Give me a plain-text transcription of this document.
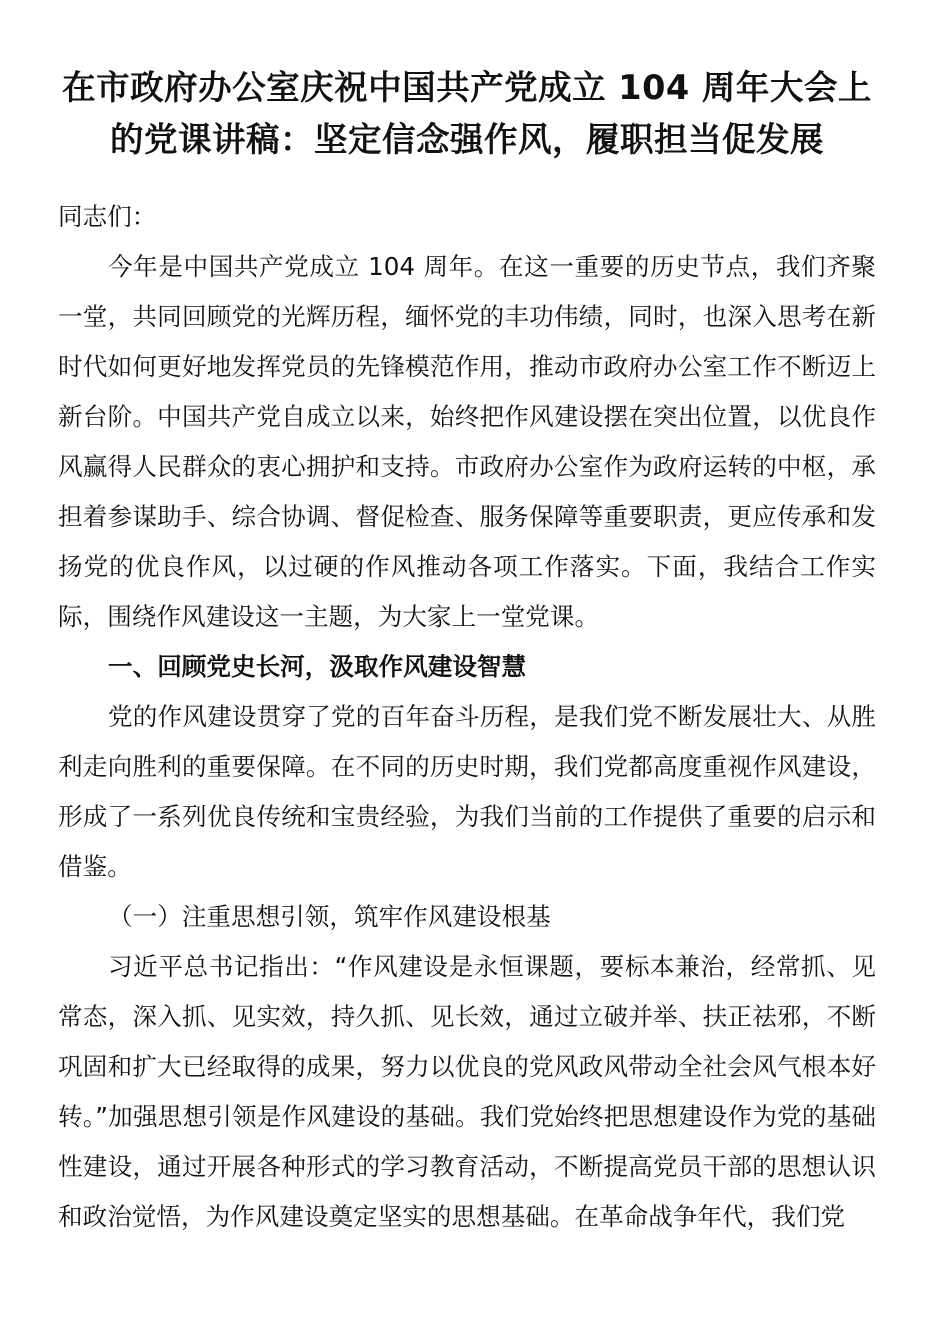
在市政府办公室庆祝中国共产党成立 104 周年大会上
的党课讲稿：坚定信念强作风，履职担当促发展

同志们：

今年是中国共产党成立 104 周年。在这一重要的历史节点，我们齐聚一堂，共同回顾党的光辉历程，缅怀党的丰功伟绩，同时，也深入思考在新时代如何更好地发挥党员的先锋模范作用，推动市政府办公室工作不断迈上新台阶。中国共产党自成立以来，始终把作风建设摆在突出位置，以优良作风赢得人民群众的衷心拥护和支持。市政府办公室作为政府运转的中枢，承担着参谋助手、综合协调、督促检查、服务保障等重要职责，更应传承和发扬党的优良作风，以过硬的作风推动各项工作落实。下面，我结合工作实际，围绕作风建设这一主题，为大家上一堂党课。

一、回顾党史长河，汲取作风建设智慧

党的作风建设贯穿了党的百年奋斗历程，是我们党不断发展壮大、从胜利走向胜利的重要保障。在不同的历史时期，我们党都高度重视作风建设，形成了一系列优良传统和宝贵经验，为我们当前的工作提供了重要的启示和借鉴。

（一）注重思想引领，筑牢作风建设根基

习近平总书记指出：“作风建设是永恒课题，要标本兼治，经常抓、见常态，深入抓、见实效，持久抓、见长效，通过立破并举、扶正祛邪，不断巩固和扩大已经取得的成果，努力以优良的党风政风带动全社会风气根本好转。”加强思想引领是作风建设的基础。我们党始终把思想建设作为党的基础性建设，通过开展各种形式的学习教育活动，不断提高党员干部的思想认识和政治觉悟，为作风建设奠定坚实的思想基础。在革命战争年代，我们党
